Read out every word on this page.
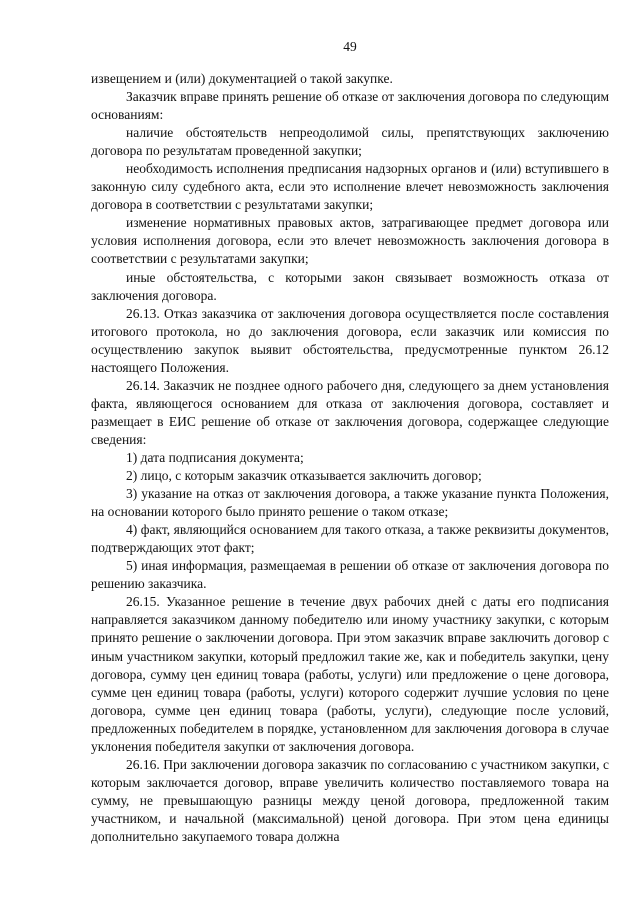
49

извещением и (или) документацией о такой закупке.

Заказчик вправе принять решение об отказе от заключения договора по следующим основаниям:

наличие обстоятельств непреодолимой силы, препятствующих заключению договора по результатам проведенной закупки;

необходимость исполнения предписания надзорных органов и (или) вступившего в законную силу судебного акта, если это исполнение влечет невозможность заключения договора в соответствии с результатами закупки;

изменение нормативных правовых актов, затрагивающее предмет договора или условия исполнения договора, если это влечет невозможность заключения договора в соответствии с результатами закупки;

иные обстоятельства, с которыми закон связывает возможность отказа от заключения договора.

26.13. Отказ заказчика от заключения договора осуществляется после составления итогового протокола, но до заключения договора, если заказчик или комиссия по осуществлению закупок выявит обстоятельства, предусмотренные пунктом 26.12 настоящего Положения.

26.14. Заказчик не позднее одного рабочего дня, следующего за днем установления факта, являющегося основанием для отказа от заключения договора, составляет и размещает в ЕИС решение об отказе от заключения договора, содержащее следующие сведения:

1) дата подписания документа;

2) лицо, с которым заказчик отказывается заключить договор;

3) указание на отказ от заключения договора, а также указание пункта Положения, на основании которого было принято решение о таком отказе;

4) факт, являющийся основанием для такого отказа, а также реквизиты документов, подтверждающих этот факт;

5) иная информация, размещаемая в решении об отказе от заключения договора по решению заказчика.

26.15. Указанное решение в течение двух рабочих дней с даты его подписания направляется заказчиком данному победителю или иному участнику закупки, с которым принято решение о заключении договора. При этом заказчик вправе заключить договор с иным участником закупки, который предложил такие же, как и победитель закупки, цену договора, сумму цен единиц товара (работы, услуги) или предложение о цене договора, сумме цен единиц товара (работы, услуги) которого содержит лучшие условия по цене договора, сумме цен единиц товара (работы, услуги), следующие после условий, предложенных победителем в порядке, установленном для заключения договора в случае уклонения победителя закупки от заключения договора.

26.16. При заключении договора заказчик по согласованию с участником закупки, с которым заключается договор, вправе увеличить количество поставляемого товара на сумму, не превышающую разницы между ценой договора, предложенной таким участником, и начальной (максимальной) ценой договора. При этом цена единицы дополнительно закупаемого товара должна
